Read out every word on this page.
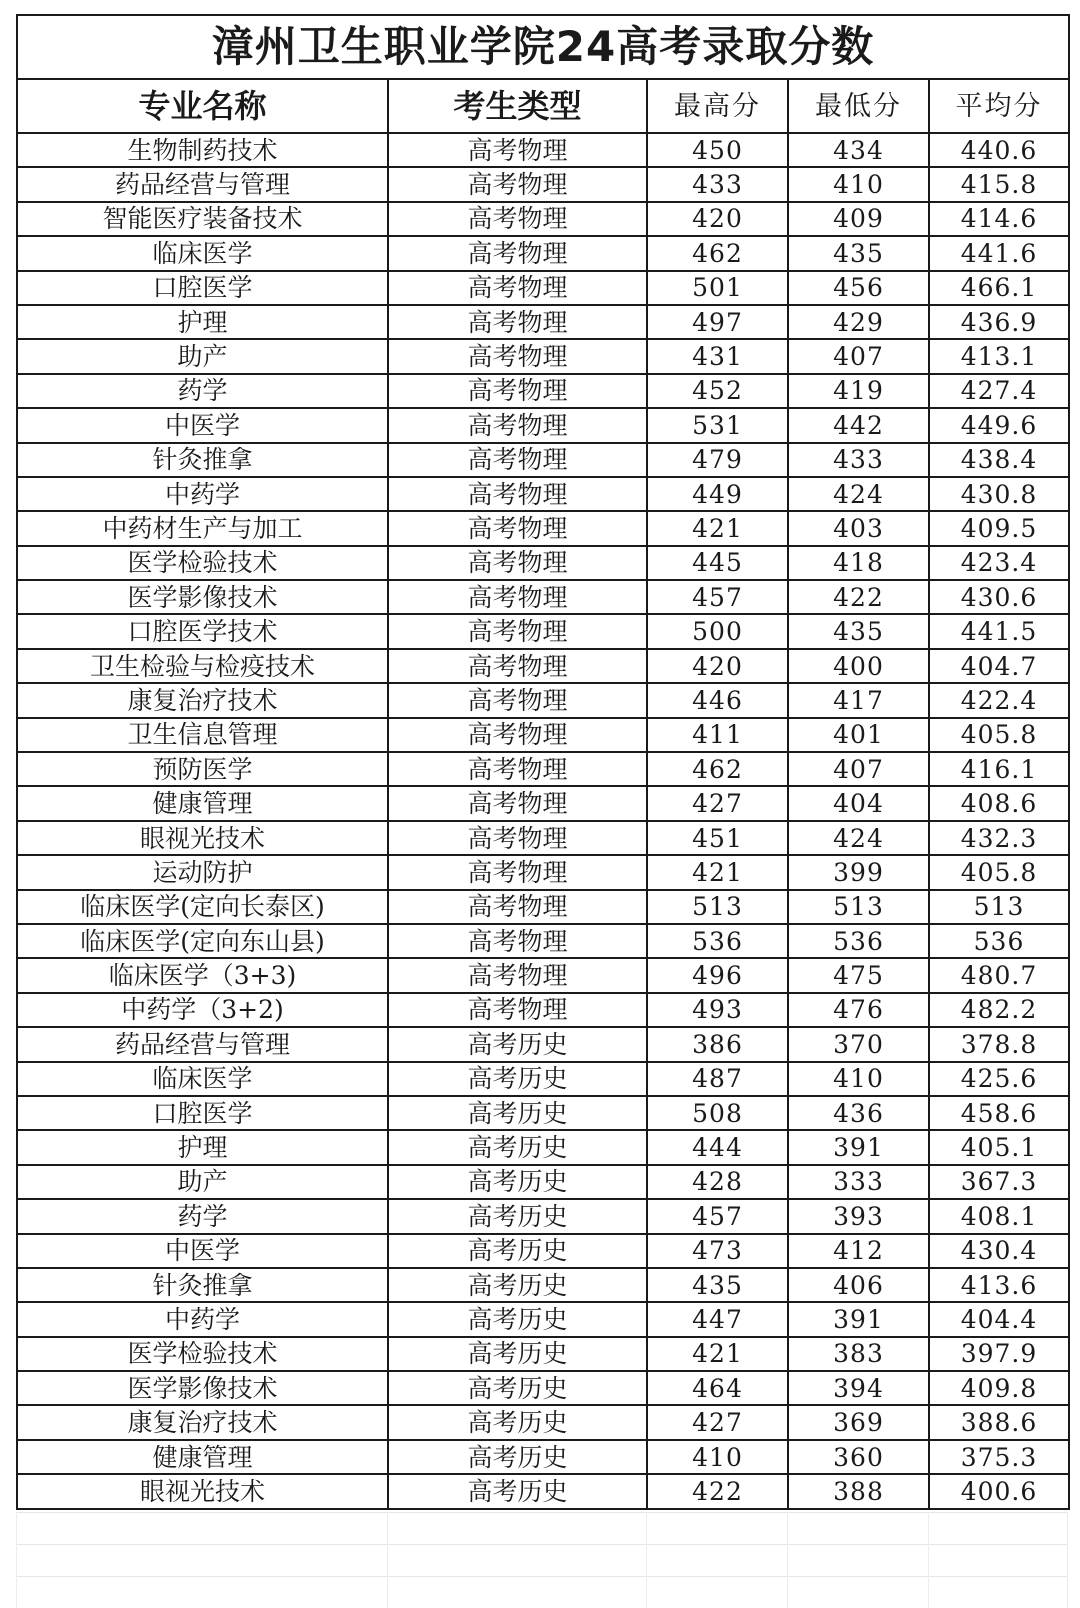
漳州卫生职业学院24高考录取分数				
专业名称	考生类型	最高分	最低分	平均分
生物制药技术	高考物理	450	434	440.6
药品经营与管理	高考物理	433	410	415.8
智能医疗装备技术	高考物理	420	409	414.6
临床医学	高考物理	462	435	441.6
口腔医学	高考物理	501	456	466.1
护理	高考物理	497	429	436.9
助产	高考物理	431	407	413.1
药学	高考物理	452	419	427.4
中医学	高考物理	531	442	449.6
针灸推拿	高考物理	479	433	438.4
中药学	高考物理	449	424	430.8
中药材生产与加工	高考物理	421	403	409.5
医学检验技术	高考物理	445	418	423.4
医学影像技术	高考物理	457	422	430.6
口腔医学技术	高考物理	500	435	441.5
卫生检验与检疫技术	高考物理	420	400	404.7
康复治疗技术	高考物理	446	417	422.4
卫生信息管理	高考物理	411	401	405.8
预防医学	高考物理	462	407	416.1
健康管理	高考物理	427	404	408.6
眼视光技术	高考物理	451	424	432.3
运动防护	高考物理	421	399	405.8
临床医学(定向长泰区)	高考物理	513	513	513
临床医学(定向东山县)	高考物理	536	536	536
临床医学（3+3)	高考物理	496	475	480.7
中药学（3+2)	高考物理	493	476	482.2
药品经营与管理	高考历史	386	370	378.8
临床医学	高考历史	487	410	425.6
口腔医学	高考历史	508	436	458.6
护理	高考历史	444	391	405.1
助产	高考历史	428	333	367.3
药学	高考历史	457	393	408.1
中医学	高考历史	473	412	430.4
针灸推拿	高考历史	435	406	413.6
中药学	高考历史	447	391	404.4
医学检验技术	高考历史	421	383	397.9
医学影像技术	高考历史	464	394	409.8
康复治疗技术	高考历史	427	369	388.6
健康管理	高考历史	410	360	375.3
眼视光技术	高考历史	422	388	400.6
